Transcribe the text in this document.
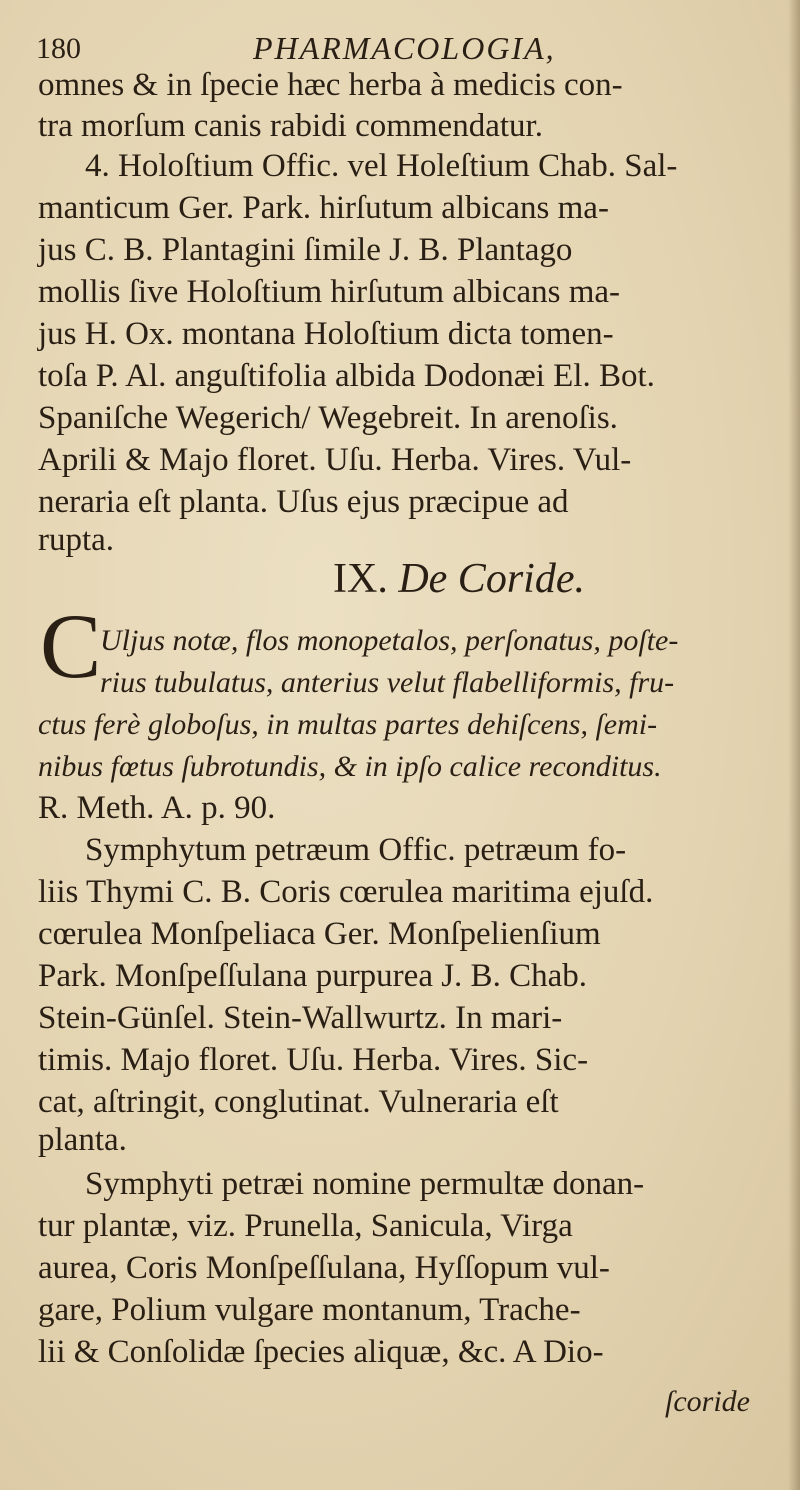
180	PHARMACOLOGIA,
omnes & in ſpecie hæc herba à medicis con-
tra morſum canis rabidi commendatur.
4. Holoſtium Offic. vel Holeſtium Chab. Sal-
manticum Ger. Park. hirſutum albicans ma-
jus C. B. Plantagini ſimile J. B. Plantago
mollis ſive Holoſtium hirſutum albicans ma-
jus H. Ox. montana Holoſtium dicta tomen-
toſa P. Al. anguſtifolia albida Dodonæi El. Bot.
Spaniſche Wegerich/ Wegebreit. In arenoſis.
Aprili & Majo floret. Uſu. Herba. Vires. Vul-
neraria eſt planta. Uſus ejus præcipue ad
rupta.
IX. De Coride.
C
Uljus notæ, flos monopetalos, perſonatus, poſte-
rius tubulatus, anterius velut flabelliformis, fru-
ctus ferè globoſus, in multas partes dehiſcens, ſemi-
nibus fœtus ſubrotundis, & in ipſo calice reconditus.
R. Meth. A. p. 90.
Symphytum petræum Offic. petræum fo-
liis Thymi C. B. Coris cœrulea maritima ejuſd.
cœrulea Monſpeliaca Ger. Monſpelienſium
Park. Monſpeſſulana purpurea J. B. Chab.
Stein-Günſel. Stein-Wallwurtz. In mari-
timis. Majo floret. Uſu. Herba. Vires. Sic-
cat, aſtringit, conglutinat. Vulneraria eſt
planta.
Symphyti petræi nomine permultæ donan-
tur plantæ, viz. Prunella, Sanicula, Virga
aurea, Coris Monſpeſſulana, Hyſſopum vul-
gare, Polium vulgare montanum, Trache-
lii & Conſolidæ ſpecies aliquæ, &c. A Dio-
ſcoride
